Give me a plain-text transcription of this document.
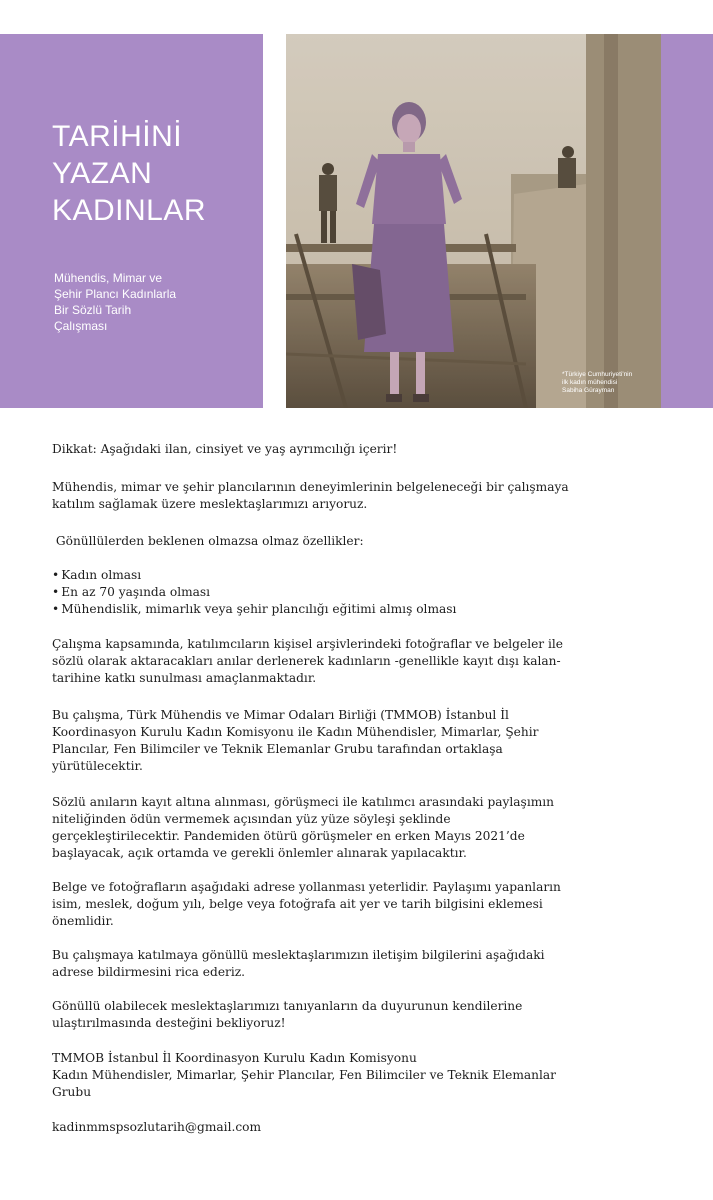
TARİHİNİ
YAZAN
KADINLAR
Mühendis, Mimar ve
Şehir Plancı Kadınlarla
Bir Sözlü Tarih
Çalışması
*Türkiye Cumhuriyeti'nin
ilk kadın mühendisi
Sabiha Gürayman

Dikkat: Aşağıdaki ilan, cinsiyet ve yaş ayrımcılığı içerir!

Mühendis, mimar ve şehir plancılarının deneyimlerinin belgeleneceği bir çalışmaya
katılım sağlamak üzere meslektaşlarımızı arıyoruz.

Gönüllülerden beklenen olmazsa olmaz özellikler:

• Kadın olması
• En az 70 yaşında olması
• Mühendislik, mimarlık veya şehir plancılığı eğitimi almış olması

Çalışma kapsamında, katılımcıların kişisel arşivlerindeki fotoğraflar ve belgeler ile
sözlü olarak aktaracakları anılar derlenerek kadınların -genellikle kayıt dışı kalan-
tarihine katkı sunulması amaçlanmaktadır.

Bu çalışma, Türk Mühendis ve Mimar Odaları Birliği (TMMOB) İstanbul İl
Koordinasyon Kurulu Kadın Komisyonu ile Kadın Mühendisler, Mimarlar, Şehir
Plancılar, Fen Bilimciler ve Teknik Elemanlar Grubu tarafından ortaklaşa
yürütülecektir.

Sözlü anıların kayıt altına alınması, görüşmeci ile katılımcı arasındaki paylaşımın
niteliğinden ödün vermemek açısından yüz yüze söyleşi şeklinde
gerçekleştirilecektir. Pandemiden ötürü görüşmeler en erken Mayıs 2021’de
başlayacak, açık ortamda ve gerekli önlemler alınarak yapılacaktır.

Belge ve fotoğrafların aşağıdaki adrese yollanması yeterlidir. Paylaşımı yapanların
isim, meslek, doğum yılı, belge veya fotoğrafa ait yer ve tarih bilgisini eklemesi
önemlidir.

Bu çalışmaya katılmaya gönüllü meslektaşlarımızın iletişim bilgilerini aşağıdaki
adrese bildirmesini rica ederiz.

Gönüllü olabilecek meslektaşlarımızı tanıyanların da duyurunun kendilerine
ulaştırılmasında desteğini bekliyoruz!

TMMOB İstanbul İl Koordinasyon Kurulu Kadın Komisyonu
Kadın Mühendisler, Mimarlar, Şehir Plancılar, Fen Bilimciler ve Teknik Elemanlar
Grubu

kadinmmspsozlutarih@gmail.com
